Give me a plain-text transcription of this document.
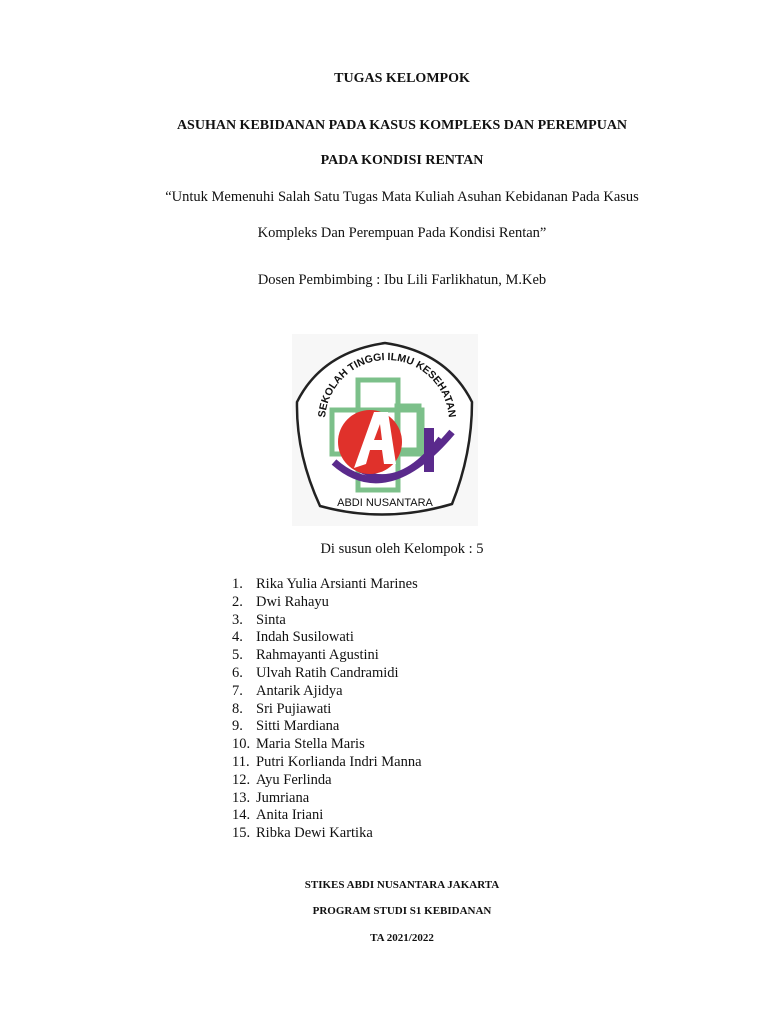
TUGAS KELOMPOK
ASUHAN KEBIDANAN PADA KASUS KOMPLEKS DAN PEREMPUAN
PADA KONDISI RENTAN
“Untuk Memenuhi Salah Satu Tugas Mata Kuliah Asuhan Kebidanan Pada Kasus
Kompleks Dan Perempuan Pada Kondisi Rentan”
Dosen Pembimbing : Ibu Lili Farlikhatun, M.Keb
SEKOLAH TINGGI ILMU KESEHATAN
ABDI NUSANTARA
Di susun oleh Kelompok : 5
1. Rika Yulia Arsianti Marines
2. Dwi Rahayu
3. Sinta
4. Indah Susilowati
5. Rahmayanti Agustini
6. Ulvah Ratih Candramidi
7. Antarik Ajidya
8. Sri Pujiawati
9. Sitti Mardiana
10. Maria Stella Maris
11. Putri Korlianda Indri Manna
12. Ayu Ferlinda
13. Jumriana
14. Anita Iriani
15. Ribka Dewi Kartika
STIKES ABDI NUSANTARA JAKARTA
PROGRAM STUDI S1 KEBIDANAN
TA 2021/2022
